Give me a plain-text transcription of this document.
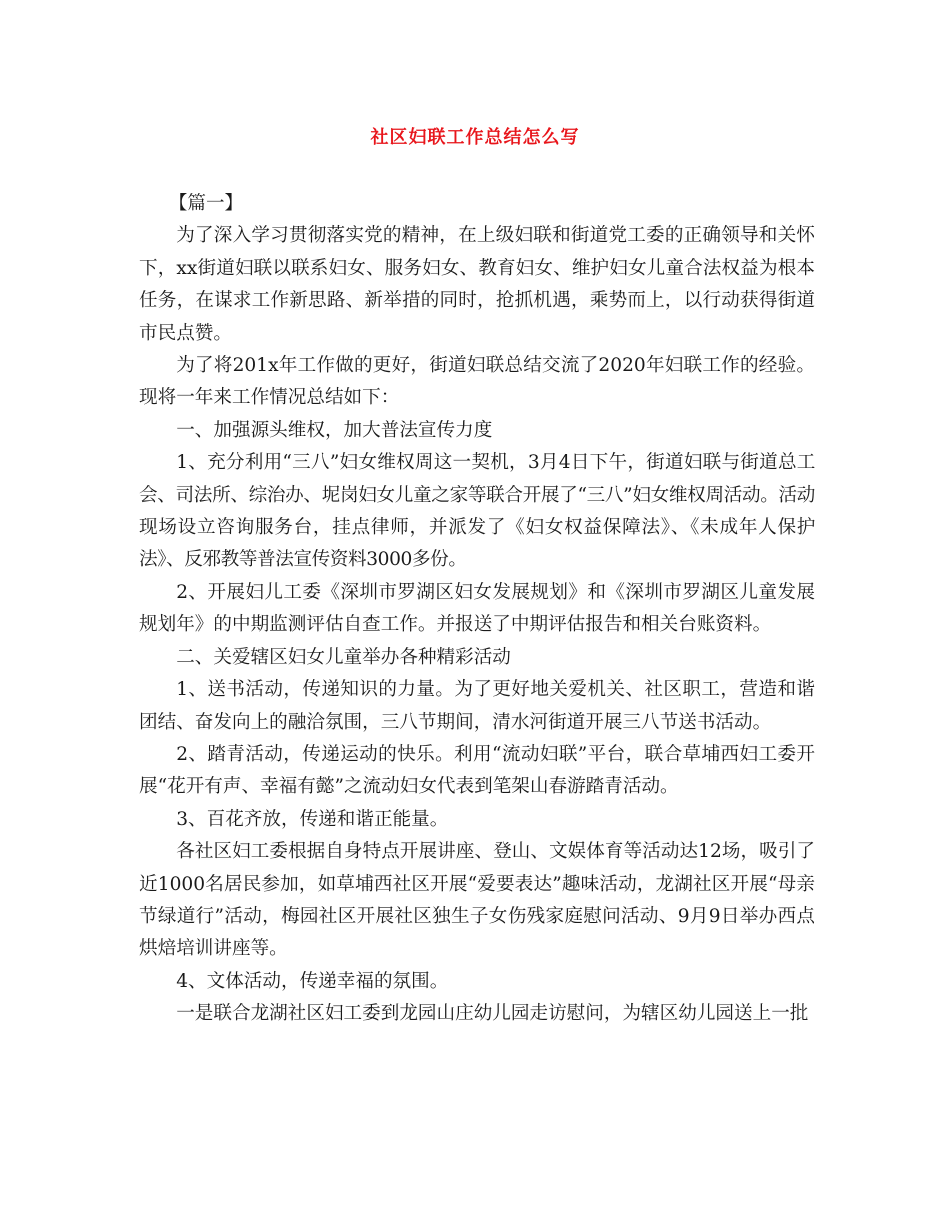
社区妇联工作总结怎么写

【篇一】

为了深入学习贯彻落实党的精神，在上级妇联和街道党工委的正确领导和关怀下，xx街道妇联以联系妇女、服务妇女、教育妇女、维护妇女儿童合法权益为根本任务，在谋求工作新思路、新举措的同时，抢抓机遇，乘势而上，以行动获得街道市民点赞。

为了将201x年工作做的更好，街道妇联总结交流了2020年妇联工作的经验。现将一年来工作情况总结如下：

一、加强源头维权，加大普法宣传力度

1、充分利用“三八”妇女维权周这一契机，3月4日下午，街道妇联与街道总工会、司法所、综治办、坭岗妇女儿童之家等联合开展了“三八”妇女维权周活动。活动现场设立咨询服务台，挂点律师，并派发了《妇女权益保障法》、《未成年人保护法》、反邪教等普法宣传资料3000多份。

2、开展妇儿工委《深圳市罗湖区妇女发展规划》和《深圳市罗湖区儿童发展规划年》的中期监测评估自查工作。并报送了中期评估报告和相关台账资料。

二、关爱辖区妇女儿童举办各种精彩活动

1、送书活动，传递知识的力量。为了更好地关爱机关、社区职工，营造和谐团结、奋发向上的融洽氛围，三八节期间，清水河街道开展三八节送书活动。

2、踏青活动，传递运动的快乐。利用“流动妇联”平台，联合草埔西妇工委开展“花开有声、幸福有懿”之流动妇女代表到笔架山春游踏青活动。

3、百花齐放，传递和谐正能量。

各社区妇工委根据自身特点开展讲座、登山、文娱体育等活动达12场，吸引了近1000名居民参加，如草埔西社区开展“爱要表达”趣味活动，龙湖社区开展“母亲节绿道行”活动，梅园社区开展社区独生子女伤残家庭慰问活动、9月9日举办西点烘焙培训讲座等。

4、文体活动，传递幸福的氛围。

一是联合龙湖社区妇工委到龙园山庄幼儿园走访慰问，为辖区幼儿园送上一批
